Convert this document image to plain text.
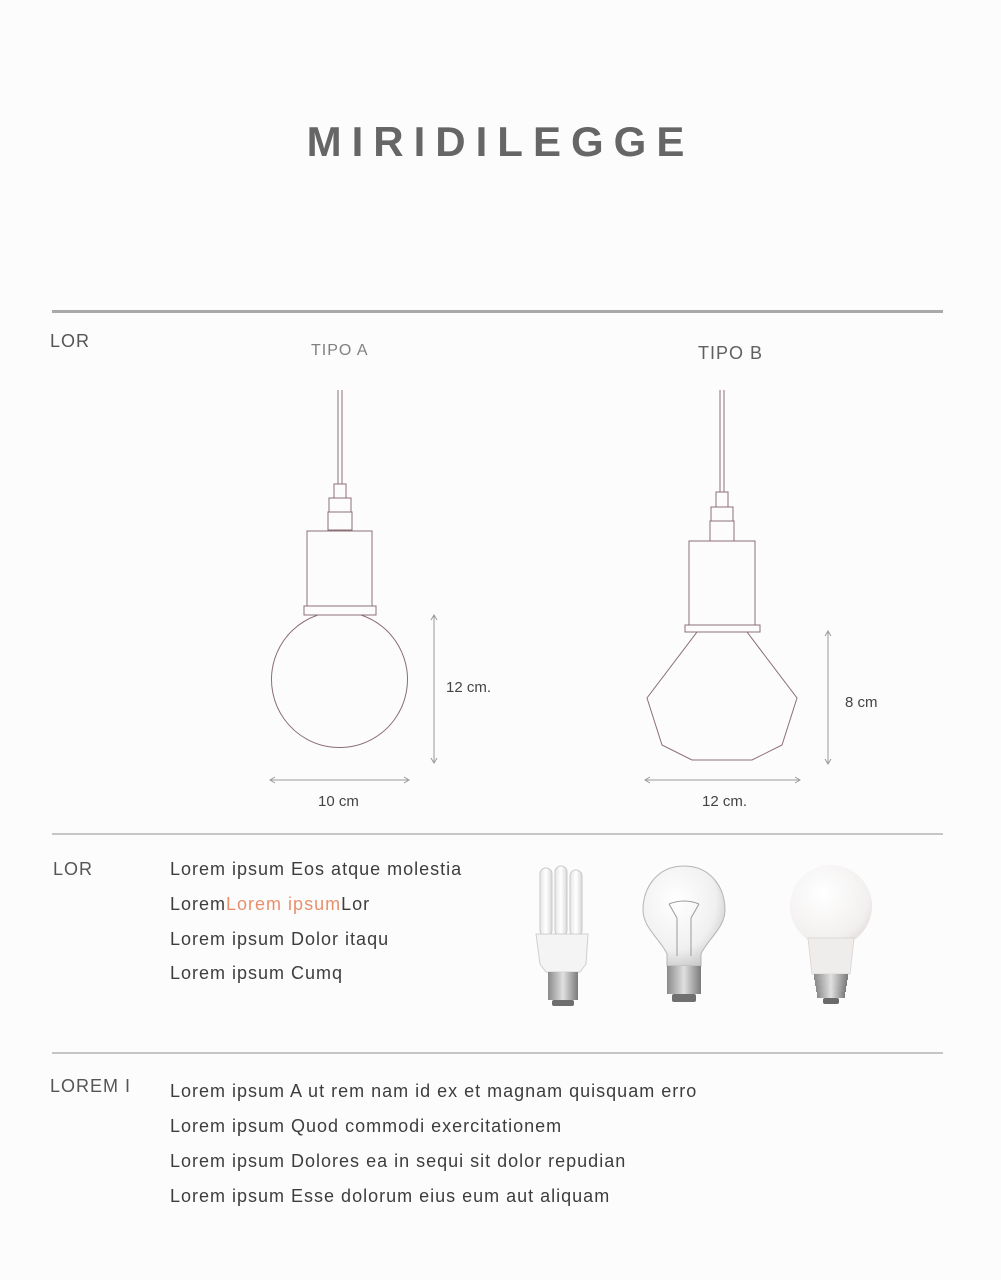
MIRIDILEGGE
LOR	TIPO A	TIPO B
12 cm.
10 cm
8 cm
12 cm.
LOR	Lorem ipsum Eos atque molestia
LoremLorem ipsumLor
Lorem ipsum Dolor itaqu
Lorem ipsum Cumq
LOREM I Lorem ipsum A ut rem nam id ex et magnam quisquam erro
Lorem ipsum Quod commodi exercitationem
Lorem ipsum Dolores ea in sequi sit dolor repudian
Lorem ipsum Esse dolorum eius eum aut aliquam
